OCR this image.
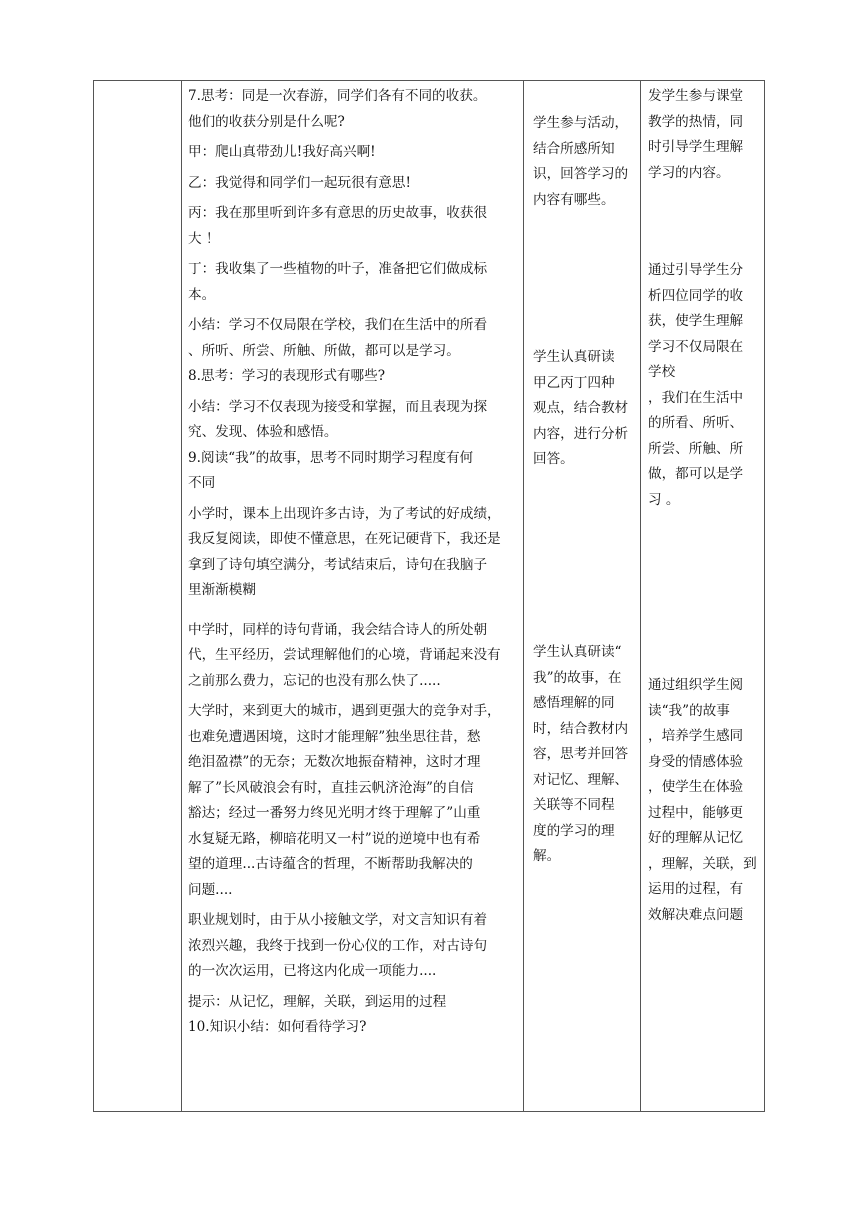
7.思考：同是一次春游，同学们各有不同的收获。
他们的收获分别是什么呢?
甲：爬山真带劲儿!我好高兴啊!
乙：我觉得和同学们一起玩很有意思!
丙：我在那里听到许多有意思的历史故事，收获很
大 ！
丁：我收集了一些植物的叶子，准备把它们做成标
本。
小结：学习不仅局限在学校，我们在生活中的所看
、所听、所尝、所触、所做，都可以是学习。
8.思考：学习的表现形式有哪些?
小结：学习不仅表现为接受和掌握，而且表现为探
究、发现、体验和感悟。
9.阅读“我”的故事，思考不同时期学习程度有何
不同
小学时，课本上出现许多古诗，为了考试的好成绩，
我反复阅读，即使不懂意思，在死记硬背下，我还是
拿到了诗句填空满分，考试结束后，诗句在我脑子
里渐渐模糊
中学时，同样的诗句背诵，我会结合诗人的所处朝
代，生平经历，尝试理解他们的心境，背诵起来没有
之前那么费力，忘记的也没有那么快了.....
大学时，来到更大的城市，遇到更强大的竞争对手，
也难免遭遇困境，这时才能理解”独坐思往昔，愁
绝泪盈襟”的无奈；无数次地振奋精神，这时才理
解了”长风破浪会有时，直挂云帆济沧海”的自信
豁达；经过一番努力终见光明才终于理解了”山重
水复疑无路，柳暗花明又一村”说的逆境中也有希
望的道理...古诗蕴含的哲理，不断帮助我解决的
问题....
职业规划时，由于从小接触文学，对文言知识有着
浓烈兴趣，我终于找到一份心仪的工作，对古诗句
的一次次运用，已将这内化成一项能力....
提示：从记忆，理解，关联，到运用的过程
10.知识小结：如何看待学习?
学生参与活动，
结合所感所知
识，回答学习的
内容有哪些。
学生认真研读
甲乙丙丁四种
观点，结合教材
内容，进行分析
回答。
学生认真研读“
我”的故事，在
感悟理解的同
时，结合教材内
容，思考并回答
对记忆、理解、
关联等不同程
度的学习的理
解。
发学生参与课堂
教学的热情，同
时引导学生理解
学习的内容。
通过引导学生分
析四位同学的收
获，使学生理解
学习不仅局限在
学校
，我们在生活中
的所看、所听、
所尝、所触、所
做，都可以是学
习 。
通过组织学生阅
读“我”的故事
，培养学生感同
身受的情感体验
，使学生在体验
过程中，能够更
好的理解从记忆
，理解，关联，到
运用的过程，有
效解决难点问题
